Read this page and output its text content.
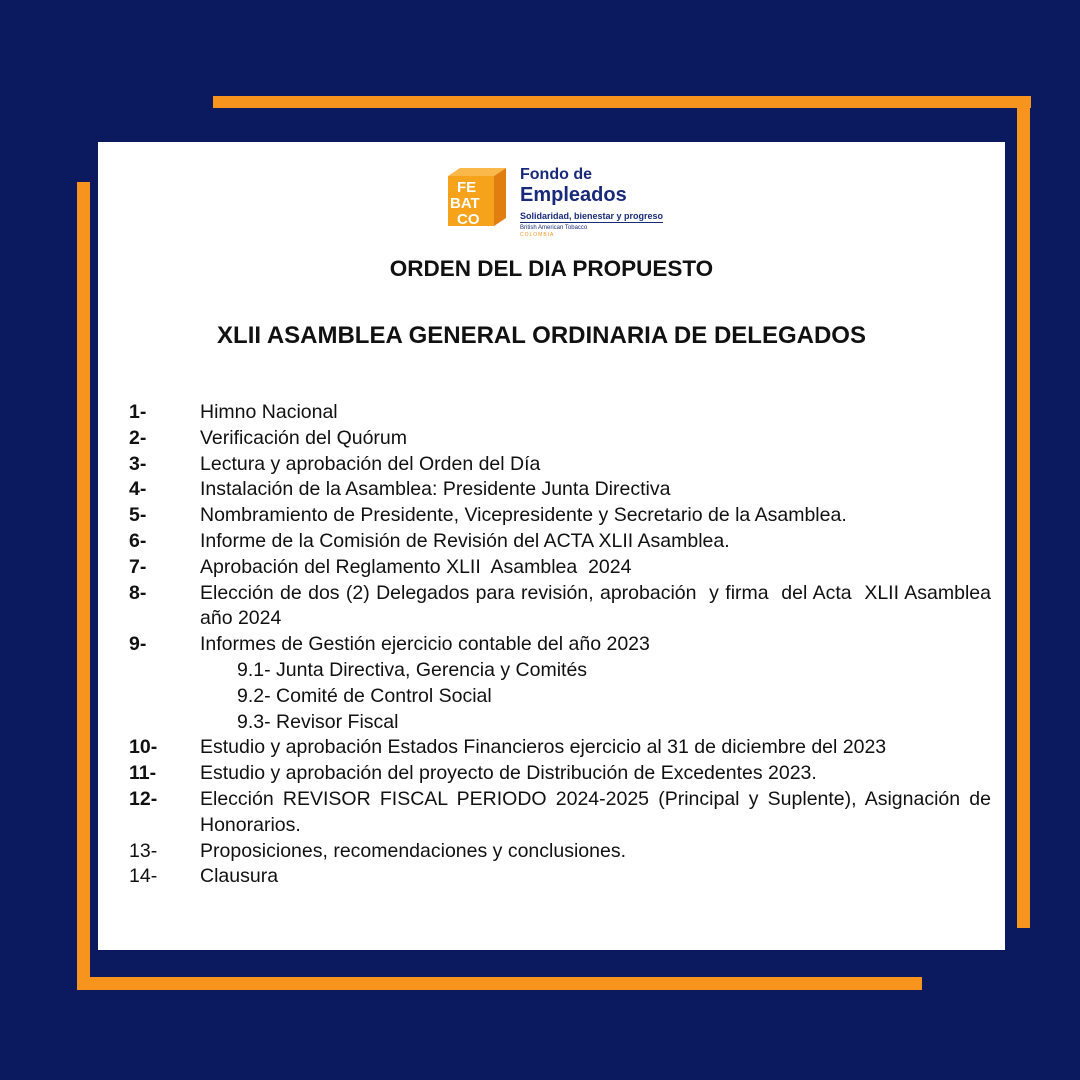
FE
BAT
CO
Fondo de
Empleados
Solidaridad, bienestar y progreso
British American Tobacco
COLOMBIA
ORDEN DEL DIA PROPUESTO
XLII ASAMBLEA GENERAL ORDINARIA DE DELEGADOS
1-	Himno Nacional
2-	Verificación del Quórum
3-	Lectura y aprobación del Orden del Día
4-	Instalación de la Asamblea: Presidente Junta Directiva
5-	Nombramiento de Presidente, Vicepresidente y Secretario de la Asamblea.
6-	Informe de la Comisión de Revisión del ACTA XLII Asamblea.
7-	Aprobación del Reglamento XLII  Asamblea  2024
8-	Elección de dos (2) Delegados para revisión, aprobación  y firma  del Acta  XLII Asamblea  año 2024
9-	Informes de Gestión ejercicio contable del año 2023
9.1- Junta Directiva, Gerencia y Comités
9.2- Comité de Control Social
9.3- Revisor Fiscal
10- Estudio y aprobación Estados Financieros ejercicio al 31 de diciembre del 2023
11- Estudio y aprobación del proyecto de Distribución de Excedentes 2023.
12- Elección REVISOR FISCAL PERIODO 2024-2025 (Principal y Suplente), Asignación de Honorarios.
13- Proposiciones, recomendaciones y conclusiones.
14- Clausura
